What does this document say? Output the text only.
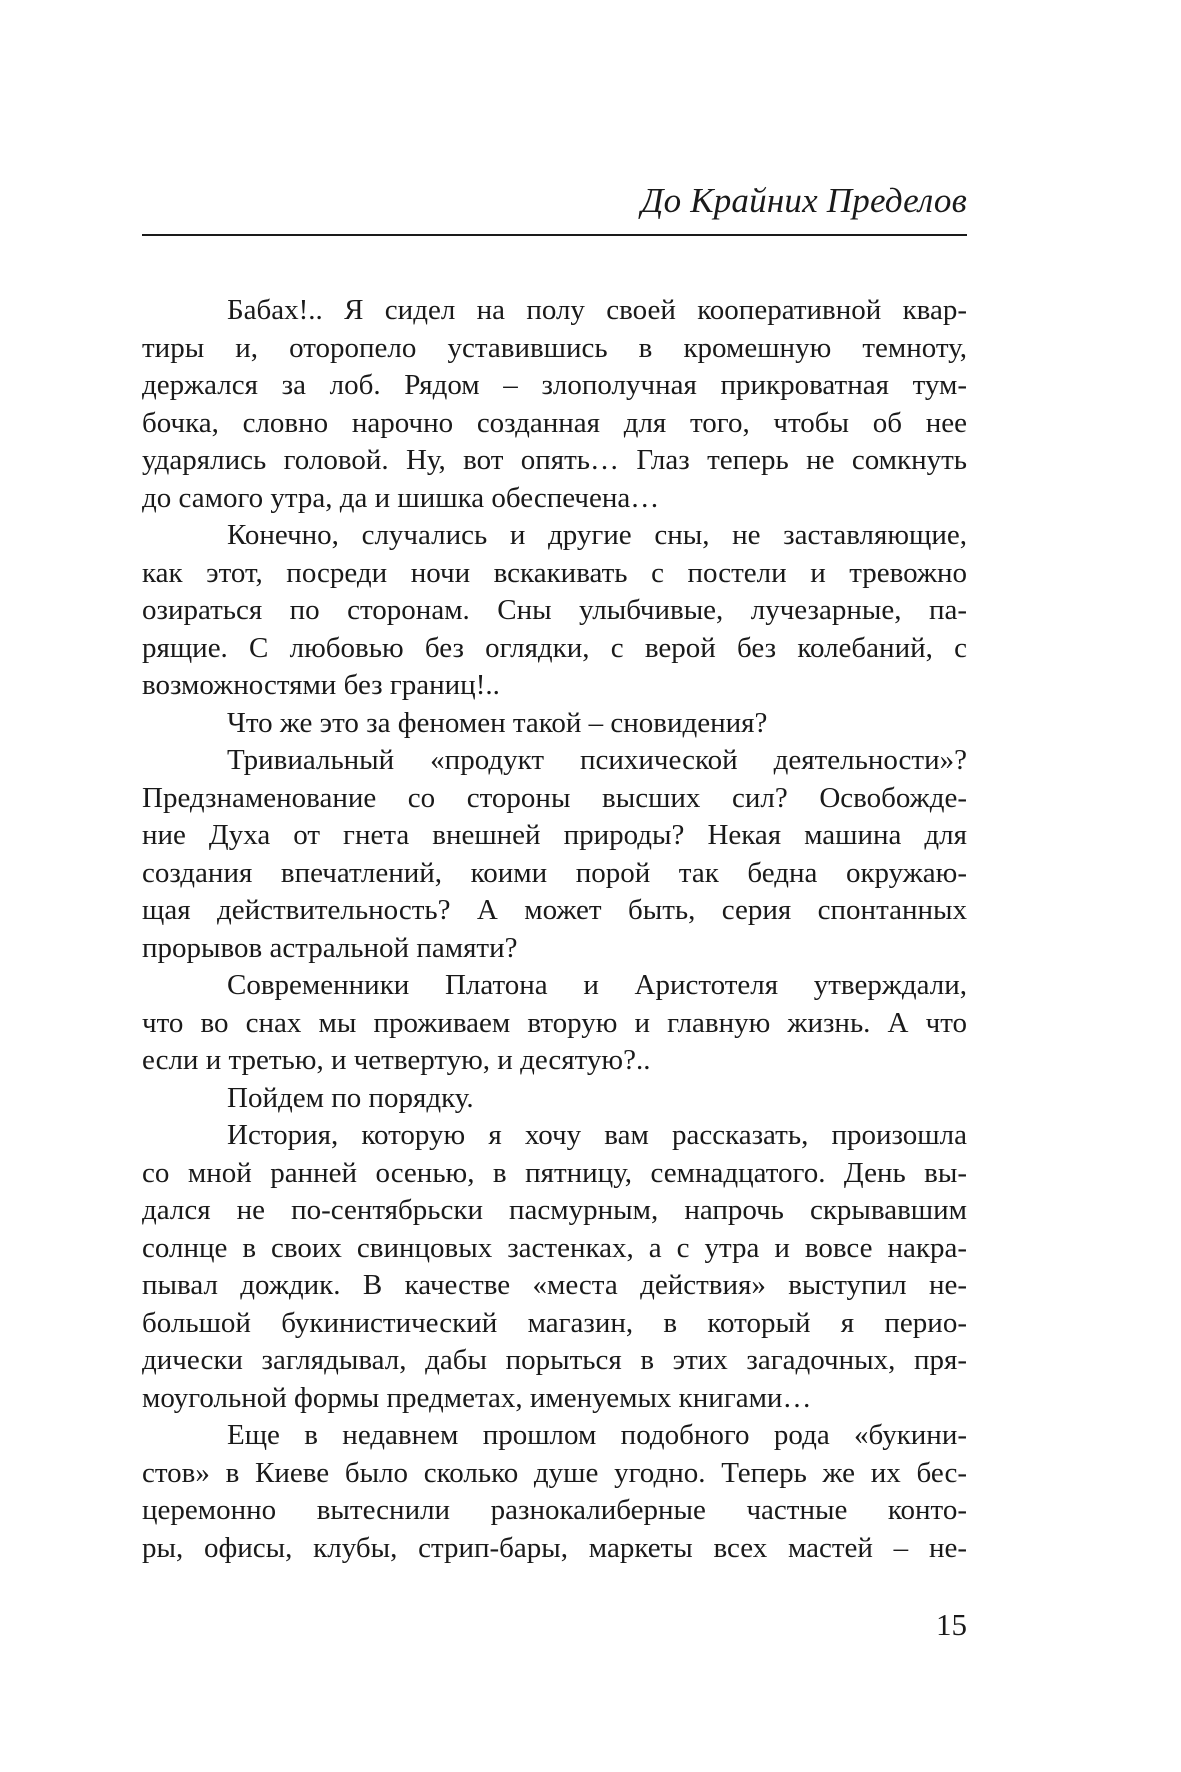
До Крайних Пределов
Бабах!.. Я сидел на полу своей кооперативной квар-
тиры и, оторопело уставившись в кромешную темноту,
держался за лоб. Рядом – злополучная прикроватная тум-
бочка, словно нарочно созданная для того, чтобы об нее
ударялись головой. Ну, вот опять… Глаз теперь не сомкнуть
до самого утра, да и шишка обеспечена…
Конечно, случались и другие сны, не заставляющие,
как этот, посреди ночи вскакивать с постели и тревожно
озираться по сторонам. Сны улыбчивые, лучезарные, па-
рящие. С любовью без оглядки, с верой без колебаний, с
возможностями без границ!..
Что же это за феномен такой – сновидения?
Тривиальный «продукт психической деятельности»?
Предзнаменование со стороны высших сил? Освобожде-
ние Духа от гнета внешней природы? Некая машина для
создания впечатлений, коими порой так бедна окружаю-
щая действительность? А может быть, серия спонтанных
прорывов астральной памяти?
Современники Платона и Аристотеля утверждали,
что во снах мы проживаем вторую и главную жизнь. А что
если и третью, и четвертую, и десятую?..
Пойдем по порядку.
История, которую я хочу вам рассказать, произошла
со мной ранней осенью, в пятницу, семнадцатого. День вы-
дался не по-сентябрьски пасмурным, напрочь скрывавшим
солнце в своих свинцовых застенках, а с утра и вовсе накра-
пывал дождик. В качестве «места действия» выступил не-
большой букинистический магазин, в который я перио-
дически заглядывал, дабы порыться в этих загадочных, пря-
моугольной формы предметах, именуемых книгами…
Еще в недавнем прошлом подобного рода «букини-
стов» в Киеве было сколько душе угодно. Теперь же их бес-
церемонно вытеснили разнокалиберные частные конто-
ры, офисы, клубы, стрип-бары, маркеты всех мастей – не-
15
